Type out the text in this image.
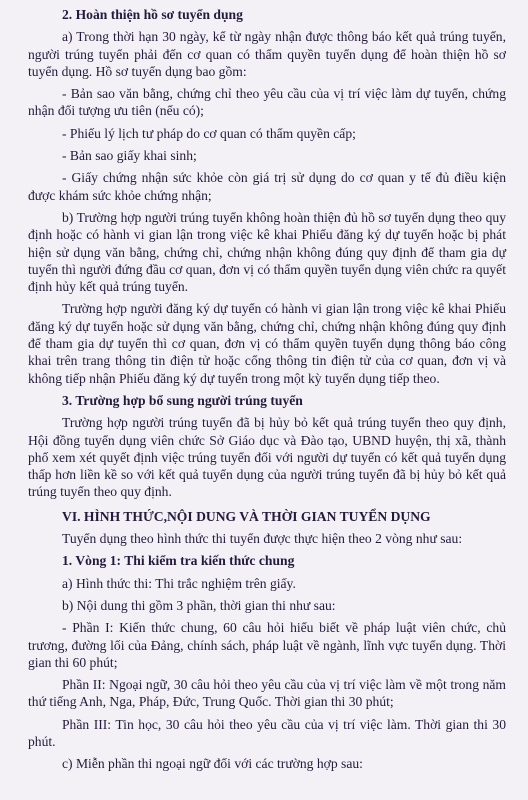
2. Hoàn thiện hồ sơ tuyển dụng

a) Trong thời hạn 30 ngày, kể từ ngày nhận được thông báo kết quả trúng tuyển, người trúng tuyển phải đến cơ quan có thẩm quyền tuyển dụng để hoàn thiện hồ sơ tuyển dụng. Hồ sơ tuyển dụng bao gồm:

- Bản sao văn bằng, chứng chỉ theo yêu cầu của vị trí việc làm dự tuyển, chứng nhận đối tượng ưu tiên (nếu có);

- Phiếu lý lịch tư pháp do cơ quan có thẩm quyền cấp;

- Bản sao giấy khai sinh;

- Giấy chứng nhận sức khỏe còn giá trị sử dụng do cơ quan y tế đủ điều kiện được khám sức khỏe chứng nhận;

b) Trường hợp người trúng tuyển không hoàn thiện đủ hồ sơ tuyển dụng theo quy định hoặc có hành vi gian lận trong việc kê khai Phiếu đăng ký dự tuyển hoặc bị phát hiện sử dụng văn bằng, chứng chỉ, chứng nhận không đúng quy định để tham gia dự tuyển thì người đứng đầu cơ quan, đơn vị có thẩm quyền tuyển dụng viên chức ra quyết định hủy kết quả trúng tuyển.

Trường hợp người đăng ký dự tuyển có hành vi gian lận trong việc kê khai Phiếu đăng ký dự tuyển hoặc sử dụng văn bằng, chứng chỉ, chứng nhận không đúng quy định để tham gia dự tuyển thì cơ quan, đơn vị có thẩm quyền tuyển dụng thông báo công khai trên trang thông tin điện tử hoặc cổng thông tin điện tử của cơ quan, đơn vị và không tiếp nhận Phiếu đăng ký dự tuyển trong một kỳ tuyển dụng tiếp theo.

3. Trường hợp bổ sung người trúng tuyển

Trường hợp người trúng tuyển đã bị hủy bỏ kết quả trúng tuyển theo quy định, Hội đồng tuyển dụng viên chức Sở Giáo dục và Đào tạo, UBND huyện, thị xã, thành phố xem xét quyết định việc trúng tuyển đối với người dự tuyển có kết quả tuyển dụng thấp hơn liền kề so với kết quả tuyển dụng của người trúng tuyển đã bị hủy bỏ kết quả trúng tuyển theo quy định.

VI. HÌNH THỨC,NỘI DUNG VÀ THỜI GIAN TUYỂN DỤNG

Tuyển dụng theo hình thức thi tuyển được thực hiện theo 2 vòng như sau:

1. Vòng 1: Thi kiểm tra kiến thức chung

a) Hình thức thi: Thi trắc nghiệm trên giấy.

b) Nội dung thi gồm 3 phần, thời gian thi như sau:

- Phần I: Kiến thức chung, 60 câu hỏi hiểu biết về pháp luật viên chức, chủ trương, đường lối của Đảng, chính sách, pháp luật về ngành, lĩnh vực tuyển dụng. Thời gian thi 60 phút;

Phần II: Ngoại ngữ, 30 câu hỏi theo yêu cầu của vị trí việc làm về một trong năm thứ tiếng Anh, Nga, Pháp, Đức, Trung Quốc. Thời gian thi 30 phút;

Phần III: Tin học, 30 câu hỏi theo yêu cầu của vị trí việc làm. Thời gian thi 30 phút.

c) Miễn phần thi ngoại ngữ đối với các trường hợp sau:
